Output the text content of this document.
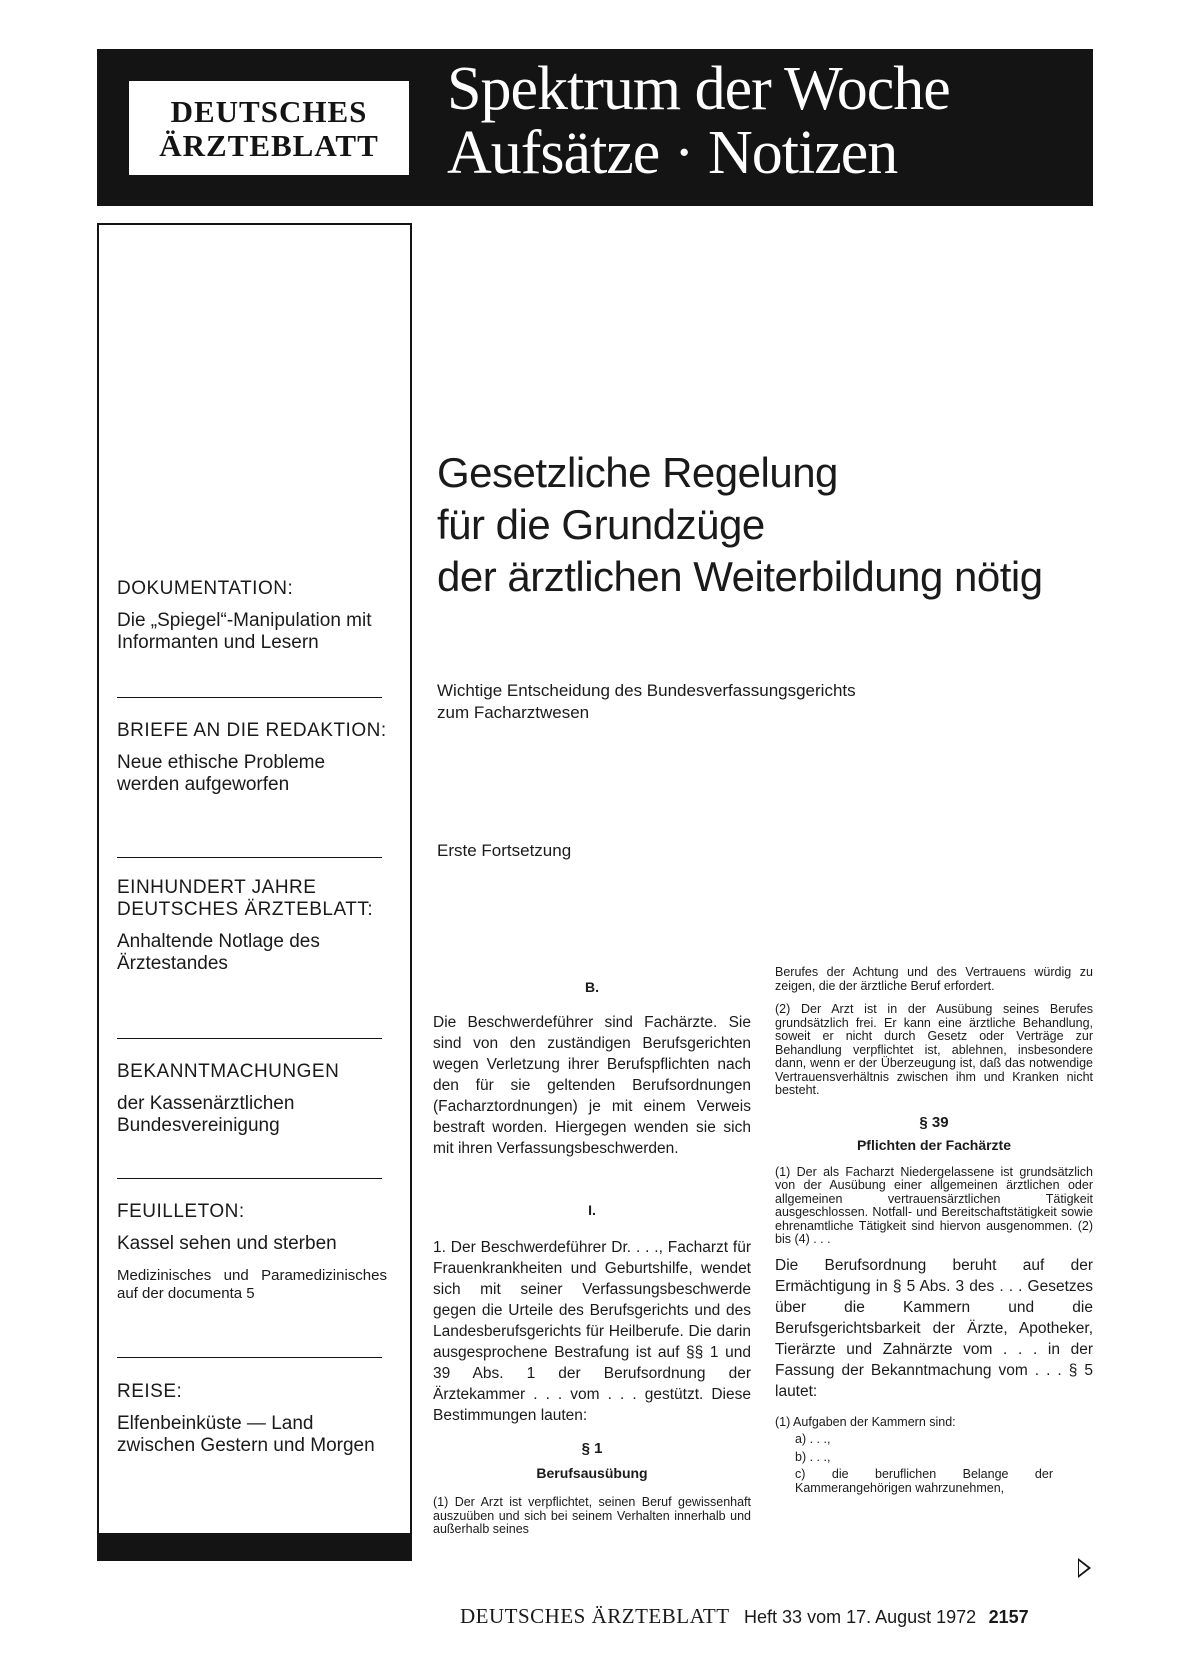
DEUTSCHES
ÄRZTEBLATT
Spektrum der Woche
Aufsätze · Notizen
DOKUMENTATION:
Die „Spiegel“-Manipulation mit Informanten und Lesern
BRIEFE AN DIE REDAKTION:
Neue ethische Probleme werden aufgeworfen
EINHUNDERT JAHRE DEUTSCHES ÄRZTEBLATT:
Anhaltende Notlage des Ärztestandes
BEKANNTMACHUNGEN
der Kassenärztlichen Bundesvereinigung
FEUILLETON:
Kassel sehen und sterben
Medizinisches und Paramedizinisches auf der documenta 5
REISE:
Elfenbeinküste — Land zwischen Gestern und Morgen
Gesetzliche Regelung
für die Grundzüge
der ärztlichen Weiterbildung nötig
Wichtige Entscheidung des Bundesverfassungsgerichts
zum Facharztwesen
Erste Fortsetzung
B.

Die Beschwerdeführer sind Fachärzte. Sie sind von den zuständigen Berufsgerichten wegen Verletzung ihrer Berufspflichten nach den für sie geltenden Berufsordnungen (Facharztordnungen) je mit einem Verweis bestraft worden. Hiergegen wenden sie sich mit ihren Verfassungsbeschwerden.

I.

1. Der Beschwerdeführer Dr. . . ., Facharzt für Frauenkrankheiten und Geburtshilfe, wendet sich mit seiner Verfassungsbeschwerde gegen die Urteile des Berufsgerichts und des Landesberufsgerichts für Heilberufe. Die darin ausgesprochene Bestrafung ist auf §§ 1 und 39 Abs. 1 der Berufsordnung der Ärztekammer . . . vom . . . gestützt. Diese Bestimmungen lauten:

§ 1
Berufsausübung

(1) Der Arzt ist verpflichtet, seinen Beruf gewissenhaft auszuüben und sich bei seinem Verhalten innerhalb und außerhalb seines

Berufes der Achtung und des Vertrauens würdig zu zeigen, die der ärztliche Beruf erfordert.

(2) Der Arzt ist in der Ausübung seines Berufes grundsätzlich frei. Er kann eine ärztliche Behandlung, soweit er nicht durch Gesetz oder Verträge zur Behandlung verpflichtet ist, ablehnen, insbesondere dann, wenn er der Überzeugung ist, daß das notwendige Vertrauensverhältnis zwischen ihm und Kranken nicht besteht.

§ 39
Pflichten der Fachärzte

(1) Der als Facharzt Niedergelassene ist grundsätzlich von der Ausübung einer allgemeinen ärztlichen oder allgemeinen vertrauensärztlichen Tätigkeit ausgeschlossen. Notfall- und Bereitschaftstätigkeit sowie ehrenamtliche Tätigkeit sind hiervon ausgenommen. (2) bis (4) . . .

Die Berufsordnung beruht auf der Ermächtigung in § 5 Abs. 3 des . . . Gesetzes über die Kammern und die Berufsgerichtsbarkeit der Ärzte, Apotheker, Tierärzte und Zahnärzte vom . . . in der Fassung der Bekanntmachung vom . . . § 5 lautet:

(1) Aufgaben der Kammern sind:
a) . . .,
b) . . .,
c) die beruflichen Belange der Kammerangehörigen wahrzunehmen,
DEUTSCHES ÄRZTEBLATT Heft 33 vom 17. August 1972 2157
